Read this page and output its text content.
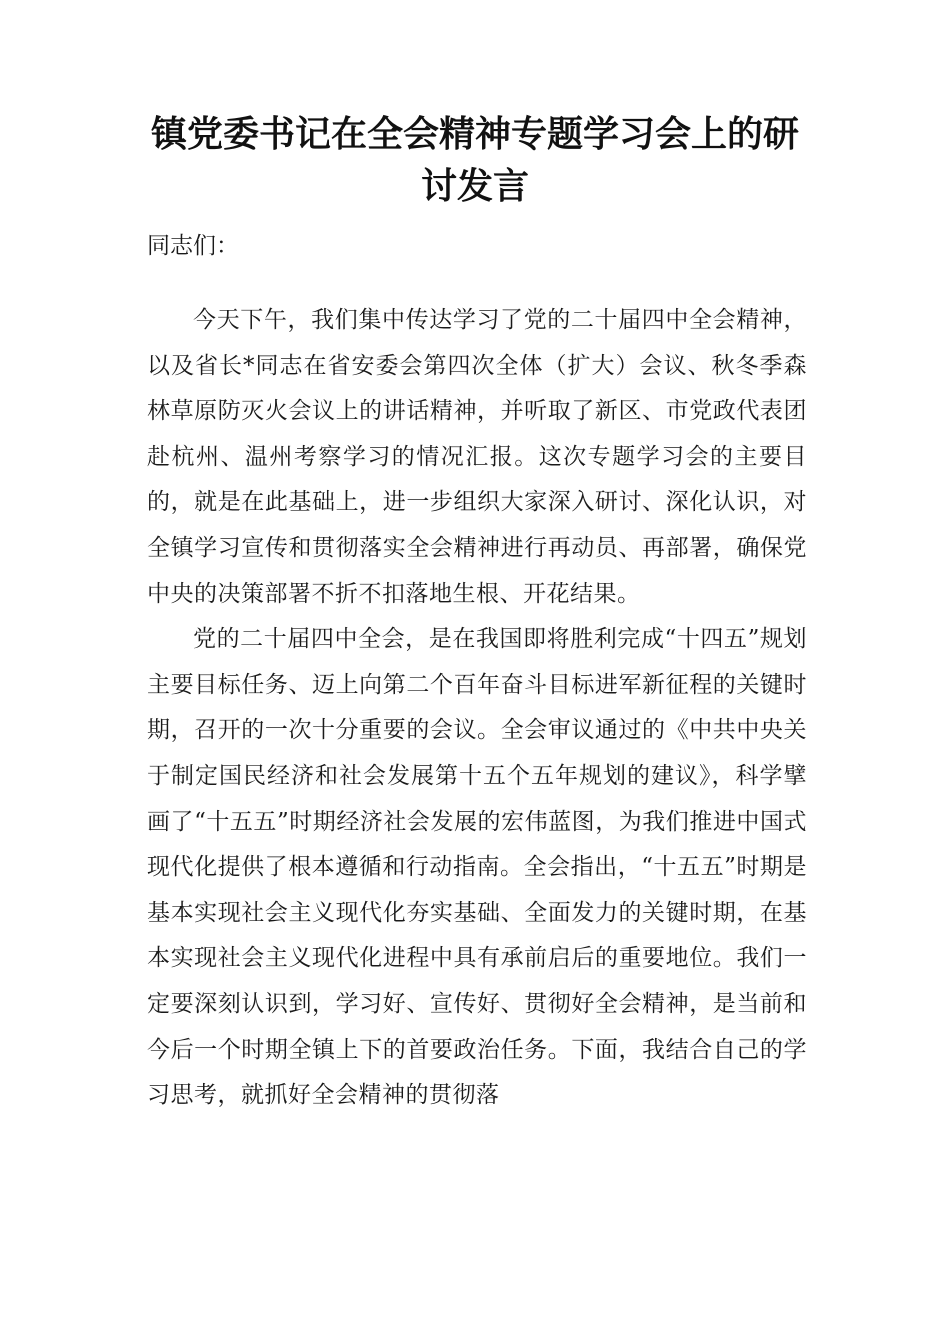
镇党委书记在全会精神专题学习会上的研讨发言

同志们：

今天下午，我们集中传达学习了党的二十届四中全会精神，以及省长*同志在省安委会第四次全体（扩大）会议、秋冬季森林草原防灭火会议上的讲话精神，并听取了新区、市党政代表团赴杭州、温州考察学习的情况汇报。这次专题学习会的主要目的，就是在此基础上，进一步组织大家深入研讨、深化认识，对全镇学习宣传和贯彻落实全会精神进行再动员、再部署，确保党中央的决策部署不折不扣落地生根、开花结果。

党的二十届四中全会，是在我国即将胜利完成“十四五”规划主要目标任务、迈上向第二个百年奋斗目标进军新征程的关键时期，召开的一次十分重要的会议。全会审议通过的《中共中央关于制定国民经济和社会发展第十五个五年规划的建议》，科学擘画了“十五五”时期经济社会发展的宏伟蓝图，为我们推进中国式现代化提供了根本遵循和行动指南。全会指出，“十五五”时期是基本实现社会主义现代化夯实基础、全面发力的关键时期，在基本实现社会主义现代化进程中具有承前启后的重要地位。我们一定要深刻认识到，学习好、宣传好、贯彻好全会精神，是当前和今后一个时期全镇上下的首要政治任务。下面，我结合自己的学习思考，就抓好全会精神的贯彻落
